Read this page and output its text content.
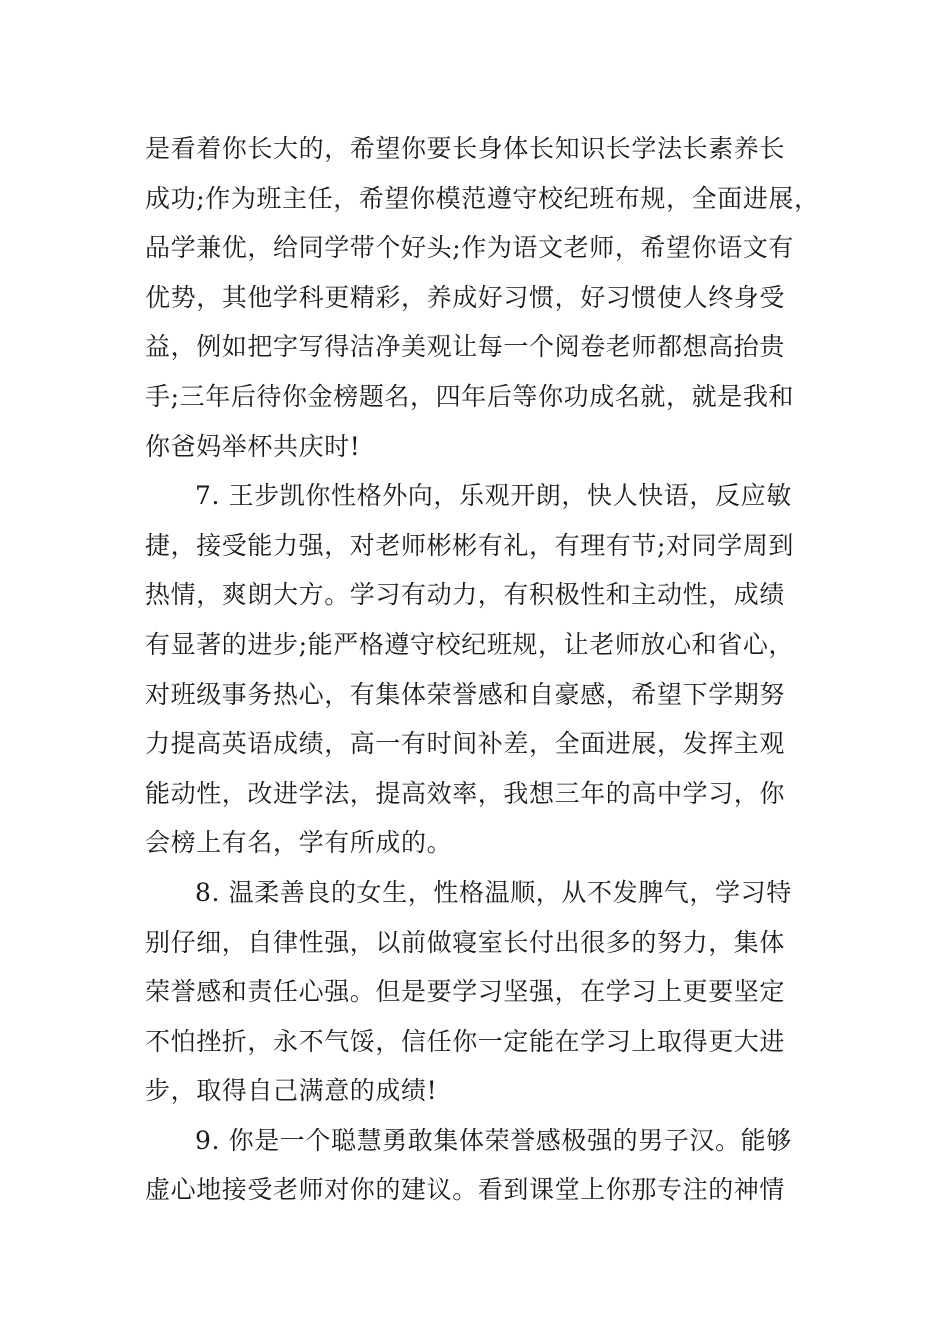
是看着你长大的，希望你要长身体长知识长学法长素养长
成功;作为班主任，希望你模范遵守校纪班布规，全面进展，
品学兼优，给同学带个好头;作为语文老师，希望你语文有
优势，其他学科更精彩，养成好习惯，好习惯使人终身受
益，例如把字写得洁净美观让每一个阅卷老师都想高抬贵
手;三年后待你金榜题名，四年后等你功成名就，就是我和
你爸妈举杯共庆时!
7. 王步凯你性格外向，乐观开朗，快人快语，反应敏
捷，接受能力强，对老师彬彬有礼，有理有节;对同学周到
热情，爽朗大方。学习有动力，有积极性和主动性，成绩
有显著的进步;能严格遵守校纪班规，让老师放心和省心，
对班级事务热心，有集体荣誉感和自豪感，希望下学期努
力提高英语成绩，高一有时间补差，全面进展，发挥主观
能动性，改进学法，提高效率，我想三年的高中学习，你
会榜上有名，学有所成的。
8. 温柔善良的女生，性格温顺，从不发脾气，学习特
别仔细，自律性强，以前做寝室长付出很多的努力，集体
荣誉感和责任心强。但是要学习坚强，在学习上更要坚定
不怕挫折，永不气馁，信任你一定能在学习上取得更大进
步，取得自己满意的成绩!
9. 你是一个聪慧勇敢集体荣誉感极强的男子汉。能够
虚心地接受老师对你的建议。看到课堂上你那专注的神情
